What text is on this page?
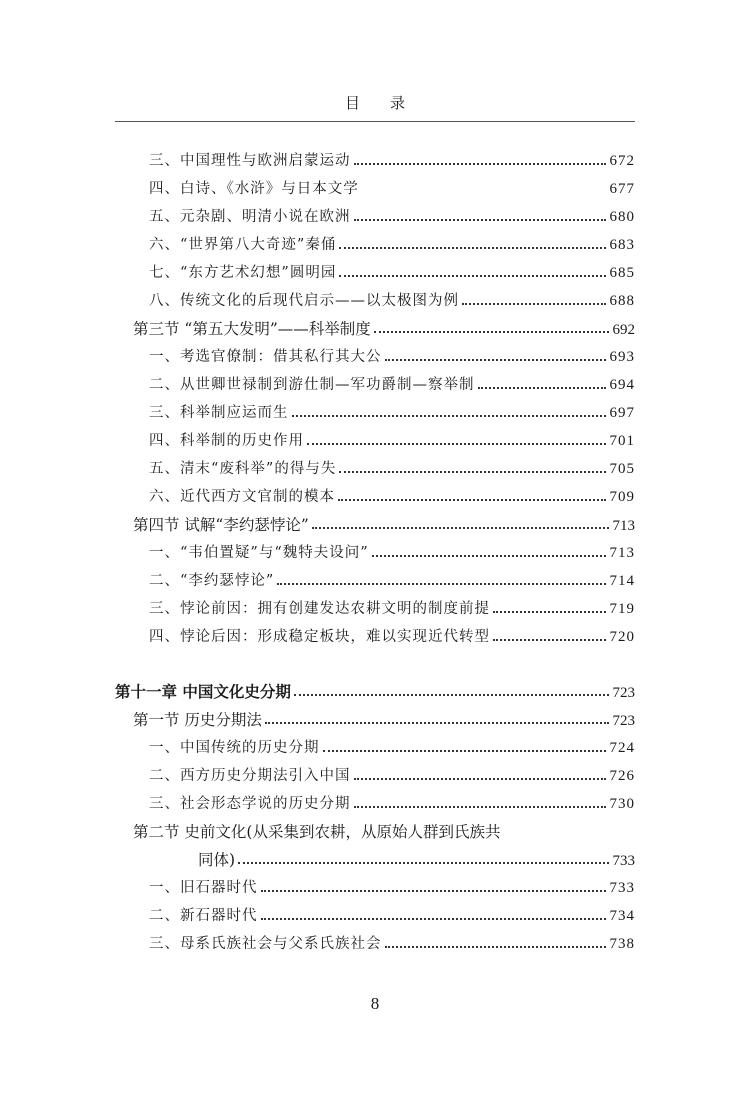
目 录
三、中国理性与欧洲启蒙运动	672
四、白诗、《水浒》与日本文学	677
五、元杂剧、明清小说在欧洲	680
六、“世界第八大奇迹”秦俑	683
七、“东方艺术幻想”圆明园	685
八、传统文化的后现代启示——以太极图为例	688
第三节 “第五大发明”——科举制度	692
一、考选官僚制：借其私行其大公	693
二、从世卿世禄制到游仕制—军功爵制—察举制	694
三、科举制应运而生	697
四、科举制的历史作用	701
五、清末“废科举”的得与失	705
六、近代西方文官制的模本	709
第四节 试解“李约瑟悖论”	713
一、“韦伯置疑”与“魏特夫设问”	713
二、“李约瑟悖论”	714
三、悖论前因：拥有创建发达农耕文明的制度前提	719
四、悖论后因：形成稳定板块，难以实现近代转型	720
第十一章 中国文化史分期	723
第一节 历史分期法	723
一、中国传统的历史分期	724
二、西方历史分期法引入中国	726
三、社会形态学说的历史分期	730
第二节 史前文化(从采集到农耕，从原始人群到氏族共
同体)	733
一、旧石器时代	733
二、新石器时代	734
三、母系氏族社会与父系氏族社会	738
8
